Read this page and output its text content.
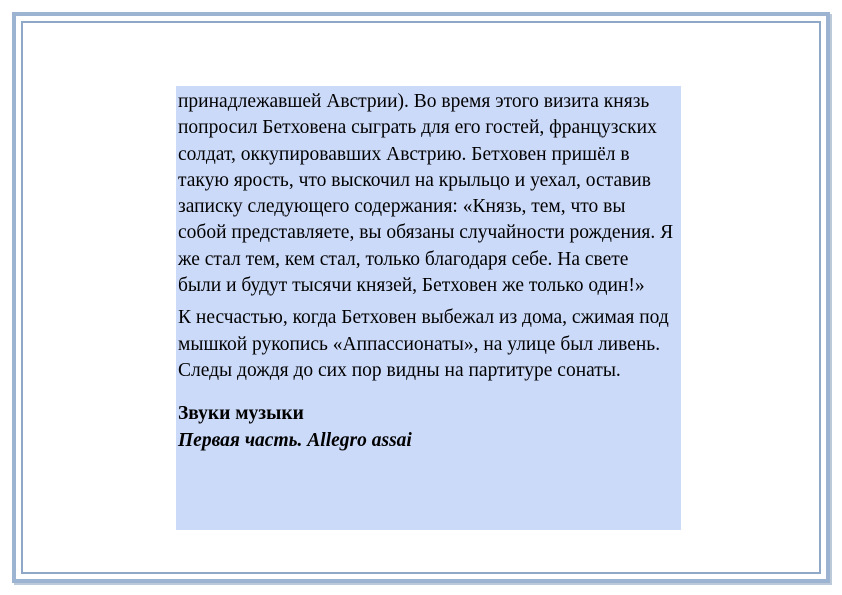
принадлежавшей Австрии). Во время этого визита князь попросил Бетховена сыграть для его гостей, французских солдат, оккупировавших Австрию. Бетховен пришёл в такую ярость, что выскочил на крыльцо и уехал, оставив записку следующего содержания: «Князь, тем, что вы собой представляете, вы обязаны случайности рождения. Я же стал тем, кем стал, только благодаря себе. На свете были и будут тысячи князей, Бетховен же только один!»

К несчастью, когда Бетховен выбежал из дома, сжимая под мышкой рукопись «Аппассионаты», на улице был ливень. Следы дождя до сих пор видны на партитуре сонаты.

Звуки музыки

Первая часть. Allegro assai
